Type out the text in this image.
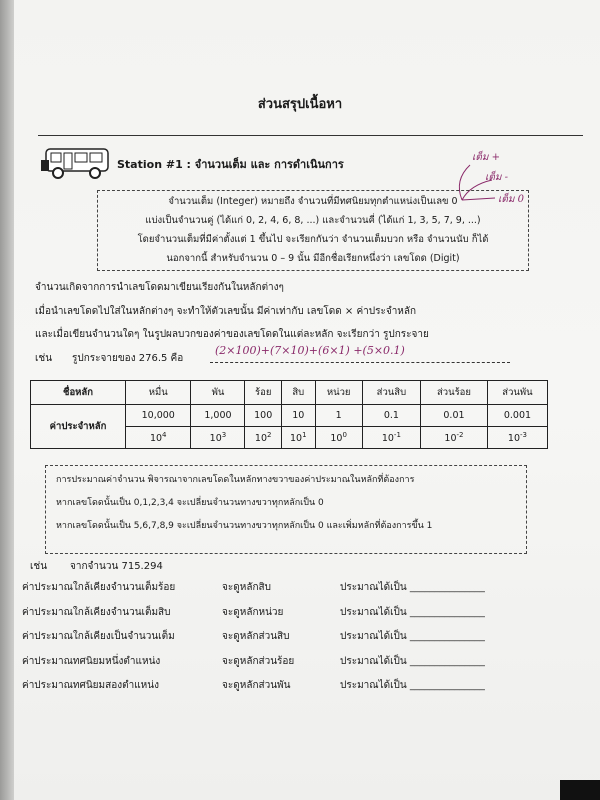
ส่วนสรุปเนื้อหา
Station #1 : จำนวนเต็ม และ การดำเนินการ
เต็ม +
เต็ม -
เต็ม 0

จำนวนเต็ม (Integer) หมายถึง จำนวนที่มีทศนิยมทุกตำแหน่งเป็นเลข 0

แบ่งเป็นจำนวนคู่ (ได้แก่ 0, 2, 4, 6, 8, ...) และจำนวนคี่ (ได้แก่ 1, 3, 5, 7, 9, ...)

โดยจำนวนเต็มที่มีค่าตั้งแต่ 1 ขึ้นไป จะเรียกกันว่า จำนวนเต็มบวก หรือ จำนวนนับ ก็ได้

นอกจากนี้ สำหรับจำนวน 0 – 9 นั้น มีอีกชื่อเรียกหนึ่งว่า เลขโดด (Digit)

จำนวนเกิดจากการนำเลขโดดมาเขียนเรียงกันในหลักต่างๆ
เมื่อนำเลขโดดไปใส่ในหลักต่างๆ จะทำให้ตัวเลขนั้น มีค่าเท่ากับ เลขโดด × ค่าประจำหลัก
และเมื่อเขียนจำนวนใดๆ ในรูปผลบวกของค่าของเลขโดดในแต่ละหลัก จะเรียกว่า รูปกระจาย
เช่น รูปกระจายของ 276.5 คือ
(2×100)+(7×10)+(6×1) +(5×0.1)
ชื่อหลัก	หมื่น	พัน	ร้อย	สิบ	หน่วย	ส่วนสิบ	ส่วนร้อย	ส่วนพัน
ค่าประจำหลัก	10,000	1,000	100	10	1	0.1	0.01	0.001
	$10^4$	$10^3$	$10^2$	$10^1$	$10^0$	$10^{-1}$	$10^{-2}$	$10^{-3}$

การประมาณค่าจำนวน พิจารณาจากเลขโดดในหลักทางขวาของค่าประมาณในหลักที่ต้องการ

หากเลขโดดนั้นเป็น 0,1,2,3,4 จะเปลี่ยนจำนวนทางขวาทุกหลักเป็น 0

หากเลขโดดนั้นเป็น 5,6,7,8,9 จะเปลี่ยนจำนวนทางขวาทุกหลักเป็น 0 และเพิ่มหลักที่ต้องการขึ้น 1

เช่น จากจำนวน 715.294
ค่าประมาณใกล้เคียงจำนวนเต็มร้อย	จะดูหลักสิบ	ประมาณได้เป็น _______________
ค่าประมาณใกล้เคียงจำนวนเต็มสิบ	จะดูหลักหน่วย	ประมาณได้เป็น _______________
ค่าประมาณใกล้เคียงเป็นจำนวนเต็ม	จะดูหลักส่วนสิบ	ประมาณได้เป็น _______________
ค่าประมาณทศนิยมหนึ่งตำแหน่ง	จะดูหลักส่วนร้อย	ประมาณได้เป็น _______________
ค่าประมาณทศนิยมสองตำแหน่ง	จะดูหลักส่วนพัน	ประมาณได้เป็น _______________
